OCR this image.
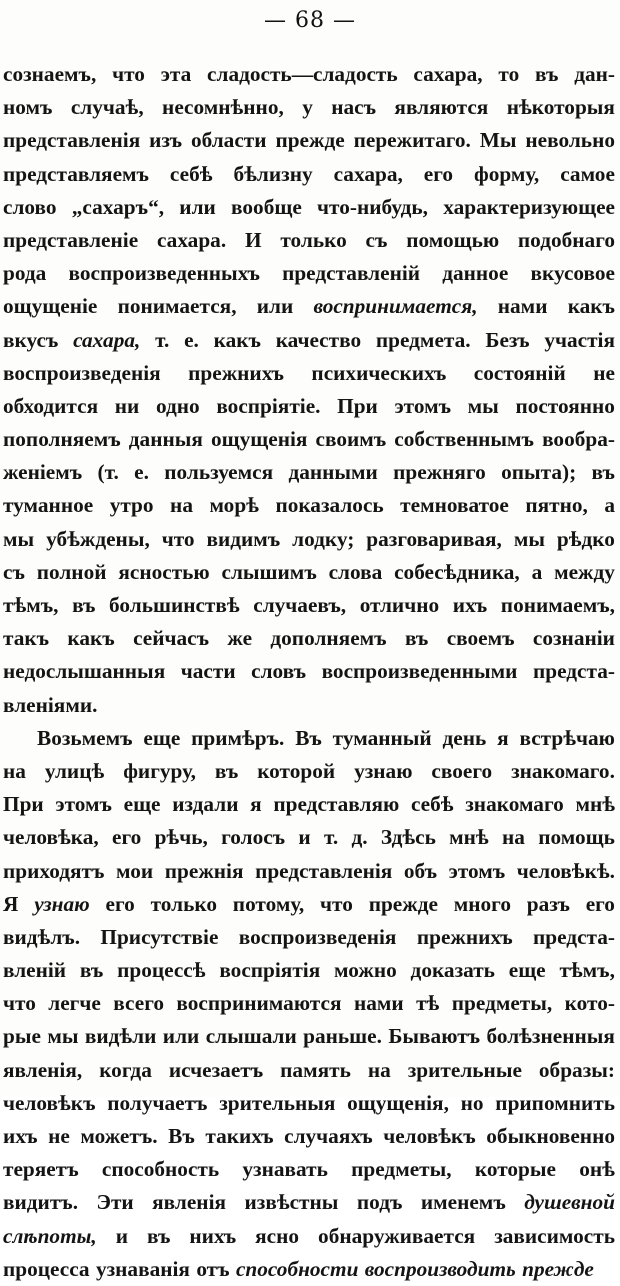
— 68 —
сознаемъ, что эта сладость—сладость сахара, то въ дан-
номъ случаѣ, несомнѣнно, у насъ являются нѣкоторыя
представленія изъ области прежде пережитаго. Мы невольно
представляемъ себѣ бѣлизну сахара, его форму, самое
слово „сахаръ“, или вообще что-нибудь, характеризующее
представленіе сахара. И только съ помощью подобнаго
рода воспроизведенныхъ представленій данное вкусовое
ощущеніе понимается, или воспринимается, нами какъ
вкусъ сахара, т. е. какъ качество предмета. Безъ участія
воспроизведенія прежнихъ психическихъ состояній не
обходится ни одно воспріятіе. При этомъ мы постоянно
пополняемъ данныя ощущенія своимъ собственнымъ вообра-
женіемъ (т. е. пользуемся данными прежняго опыта); въ
туманное утро на морѣ показалось темноватое пятно, а
мы убѣждены, что видимъ лодку; разговаривая, мы рѣдко
съ полной ясностью слышимъ слова собесѣдника, а между
тѣмъ, въ большинствѣ случаевъ, отлично ихъ понимаемъ,
такъ какъ сейчасъ же дополняемъ въ своемъ сознаніи
недослышанныя части словъ воспроизведенными предста-
вленіями.
Возьмемъ еще примѣръ. Въ туманный день я встрѣчаю
на улицѣ фигуру, въ которой узнаю своего знакомаго.
При этомъ еще издали я представляю себѣ знакомаго мнѣ
человѣка, его рѣчь, голосъ и т. д. Здѣсь мнѣ на помощь
приходятъ мои прежнія представленія объ этомъ человѣкѣ.
Я узнаю его только потому, что прежде много разъ его
видѣлъ. Присутствіе воспроизведенія прежнихъ предста-
вленій въ процессѣ воспріятія можно доказать еще тѣмъ,
что легче всего воспринимаются нами тѣ предметы, кото-
рые мы видѣли или слышали раньше. Бываютъ болѣзненныя
явленія, когда исчезаетъ память на зрительные образы:
человѣкъ получаетъ зрительныя ощущенія, но припомнить
ихъ не можетъ. Въ такихъ случаяхъ человѣкъ обыкновенно
теряетъ способность узнавать предметы, которые онѣ
видитъ. Эти явленія извѣстны подъ именемъ душевной
слѣпоты, и въ нихъ ясно обнаруживается зависимость
процесса узнаванія отъ способности воспроизводить прежде
